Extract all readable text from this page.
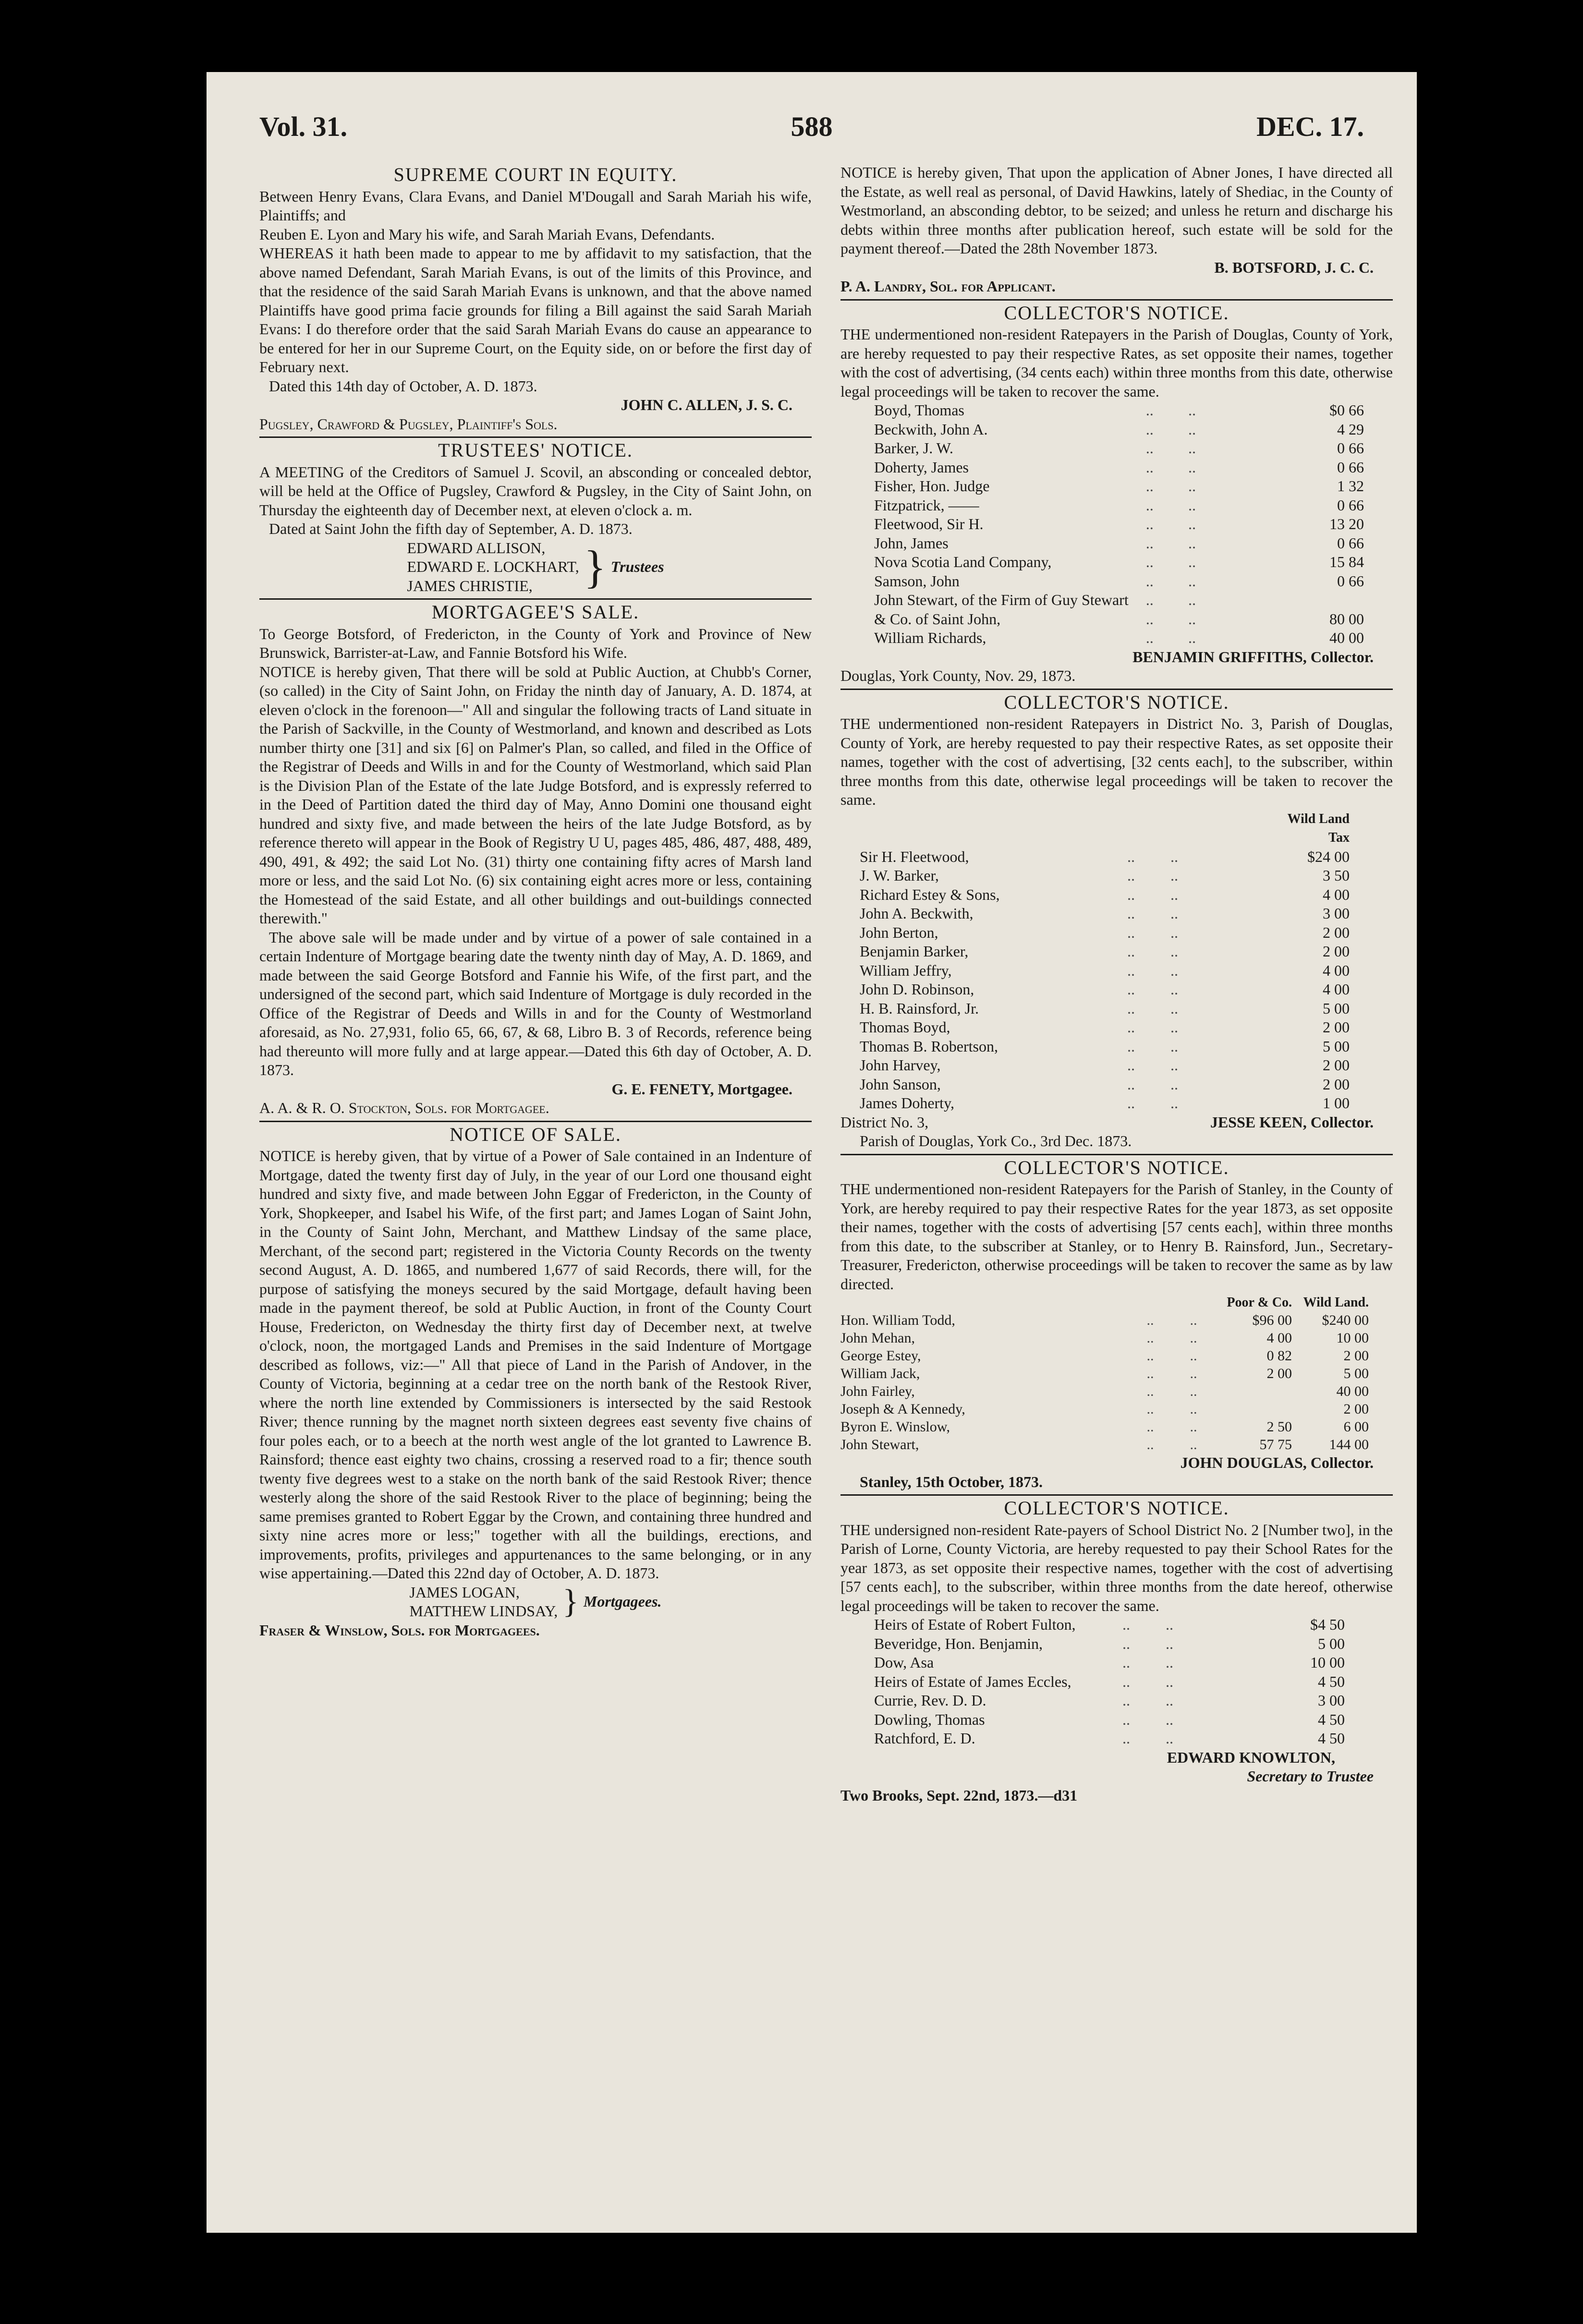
Vol. 31.	588	DEC. 17.
SUPREME COURT IN EQUITY.

Between Henry Evans, Clara Evans, and Daniel M'Dougall and Sarah Mariah his wife, Plaintiffs; and

Reuben E. Lyon and Mary his wife, and Sarah Mariah Evans, Defendants.

WHEREAS it hath been made to appear to me by affidavit to my satisfaction, that the above named Defendant, Sarah Mariah Evans, is out of the limits of this Province, and that the residence of the said Sarah Mariah Evans is unknown, and that the above named Plaintiffs have good prima facie grounds for filing a Bill against the said Sarah Mariah Evans: I do therefore order that the said Sarah Mariah Evans do cause an appearance to be entered for her in our Supreme Court, on the Equity side, on or before the first day of February next.

Dated this 14th day of October, A. D. 1873.

JOHN C. ALLEN, J. S. C.
Pugsley, Crawford & Pugsley, Plaintiff's Sols.
TRUSTEES' NOTICE.

A MEETING of the Creditors of Samuel J. Scovil, an absconding or concealed debtor, will be held at the Office of Pugsley, Crawford & Pugsley, in the City of Saint John, on Thursday the eighteenth day of December next, at eleven o'clock a. m.

Dated at Saint John the fifth day of September, A. D. 1873.

EDWARD ALLISON,
EDWARD E. LOCKHART,
JAMES CHRISTIE,	} Trustees
MORTGAGEE'S SALE.

To George Botsford, of Fredericton, in the County of York and Province of New Brunswick, Barrister-at-Law, and Fannie Botsford his Wife.

NOTICE is hereby given, That there will be sold at Public Auction, at Chubb's Corner, (so called) in the City of Saint John, on Friday the ninth day of January, A. D. 1874, at eleven o'clock in the forenoon—" All and singular the following tracts of Land situate in the Parish of Sackville, in the County of Westmorland, and known and described as Lots number thirty one [31] and six [6] on Palmer's Plan, so called, and filed in the Office of the Registrar of Deeds and Wills in and for the County of Westmorland, which said Plan is the Division Plan of the Estate of the late Judge Botsford, and is expressly referred to in the Deed of Partition dated the third day of May, Anno Domini one thousand eight hundred and sixty five, and made between the heirs of the late Judge Botsford, as by reference thereto will appear in the Book of Registry U U, pages 485, 486, 487, 488, 489, 490, 491, & 492; the said Lot No. (31) thirty one containing fifty acres of Marsh land more or less, and the said Lot No. (6) six containing eight acres more or less, containing the Homestead of the said Estate, and all other buildings and out-buildings connected therewith."

The above sale will be made under and by virtue of a power of sale contained in a certain Indenture of Mortgage bearing date the twenty ninth day of May, A. D. 1869, and made between the said George Botsford and Fannie his Wife, of the first part, and the undersigned of the second part, which said Indenture of Mortgage is duly recorded in the Office of the Registrar of Deeds and Wills in and for the County of Westmorland aforesaid, as No. 27,931, folio 65, 66, 67, & 68, Libro B. 3 of Records, reference being had thereunto will more fully and at large appear.—Dated this 6th day of October, A. D. 1873.

G. E. FENETY, Mortgagee.
A. A. & R. O. Stockton, Sols. for Mortgagee.
NOTICE OF SALE.

NOTICE is hereby given, that by virtue of a Power of Sale contained in an Indenture of Mortgage, dated the twenty first day of July, in the year of our Lord one thousand eight hundred and sixty five, and made between John Eggar of Fredericton, in the County of York, Shopkeeper, and Isabel his Wife, of the first part; and James Logan of Saint John, in the County of Saint John, Merchant, and Matthew Lindsay of the same place, Merchant, of the second part; registered in the Victoria County Records on the twenty second August, A. D. 1865, and numbered 1,677 of said Records, there will, for the purpose of satisfying the moneys secured by the said Mortgage, default having been made in the payment thereof, be sold at Public Auction, in front of the County Court House, Fredericton, on Wednesday the thirty first day of December next, at twelve o'clock, noon, the mortgaged Lands and Premises in the said Indenture of Mortgage described as follows, viz:—" All that piece of Land in the Parish of Andover, in the County of Victoria, beginning at a cedar tree on the north bank of the Restook River, where the north line extended by Commissioners is intersected by the said Restook River; thence running by the magnet north sixteen degrees east seventy five chains of four poles each, or to a beech at the north west angle of the lot granted to Lawrence B. Rainsford; thence east eighty two chains, crossing a reserved road to a fir; thence south twenty five degrees west to a stake on the north bank of the said Restook River; thence westerly along the shore of the said Restook River to the place of beginning; being the same premises granted to Robert Eggar by the Crown, and containing three hundred and sixty nine acres more or less;" together with all the buildings, erections, and improvements, profits, privileges and appurtenances to the same belonging, or in any wise appertaining.—Dated this 22nd day of October, A. D. 1873.

JAMES LOGAN,
MATTHEW LINDSAY, } Mortgagees.
Fraser & Winslow, Sols. for Mortgagees.

NOTICE is hereby given, That upon the application of Abner Jones, I have directed all the Estate, as well real as personal, of David Hawkins, lately of Shediac, in the County of Westmorland, an absconding debtor, to be seized; and unless he return and discharge his debts within three months after publication hereof, such estate will be sold for the payment thereof.—Dated the 28th November 1873.

B. BOTSFORD, J. C. C.
P. A. Landry, Sol. for Applicant.
COLLECTOR'S NOTICE.

THE undermentioned non-resident Ratepayers in the Parish of Douglas, County of York, are hereby requested to pay their respective Rates, as set opposite their names, together with the cost of advertising, (34 cents each) within three months from this date, otherwise legal proceedings will be taken to recover the same.

Boyd, Thomas	..	..		$0 66
Beckwith, John A.	..	..		4 29
Barker, J. W.	..	..		0 66
Doherty, James	..	..		0 66
Fisher, Hon. Judge	..	..		1 32
Fitzpatrick, ——	..	..		0 66
Fleetwood, Sir H.	..	..		13 20
John, James	..	..		0 66
Nova Scotia Land Company,	..	..		15 84
Samson, John	..	..		0 66
John Stewart, of the Firm of Guy Stewart	..	..		
& Co. of Saint John,	..	..		80 00
William Richards,	..	..		40 00
BENJAMIN GRIFFITHS, Collector.
Douglas, York County, Nov. 29, 1873.
COLLECTOR'S NOTICE.

THE undermentioned non-resident Ratepayers in District No. 3, Parish of Douglas, County of York, are hereby requested to pay their respective Rates, as set opposite their names, together with the cost of advertising, [32 cents each], to the subscriber, within three months from this date, otherwise legal proceedings will be taken to recover the same.

				Wild Land Tax
Sir H. Fleetwood,	..	..		$24 00
J. W. Barker,	..	..		3 50
Richard Estey & Sons,	..	..		4 00
John A. Beckwith,	..	..		3 00
John Berton,	..	..		2 00
Benjamin Barker,	..	..		2 00
William Jeffry,	..	..		4 00
John D. Robinson,	..	..		4 00
H. B. Rainsford, Jr.	..	..		5 00
Thomas Boyd,	..	..		2 00
Thomas B. Robertson,	..	..		5 00
John Harvey,	..	..		2 00
John Sanson,	..	..		2 00
James Doherty,	..	..		1 00
District No. 3,	JESSE KEEN, Collector.
Parish of Douglas, York Co., 3rd Dec. 1873.
COLLECTOR'S NOTICE.

THE undermentioned non-resident Ratepayers for the Parish of Stanley, in the County of York, are hereby required to pay their respective Rates for the year 1873, as set opposite their names, together with the costs of advertising [57 cents each], within three months from this date, to the subscriber at Stanley, or to Henry B. Rainsford, Jun., Secretary-Treasurer, Fredericton, otherwise proceedings will be taken to recover the same as by law directed.

			Poor & Co.	Wild Land.
Hon. William Todd,	..	..	$96 00	$240 00
John Mehan,	..	..	4 00	10 00
George Estey,	..	..	0 82	2 00
William Jack,	..	..	2 00	5 00
John Fairley,	..	..		40 00
Joseph & A Kennedy,	..	..		2 00
Byron E. Winslow,	..	..	2 50	6 00
John Stewart,	..	..	57 75	144 00
JOHN DOUGLAS, Collector.
Stanley, 15th October, 1873.
COLLECTOR'S NOTICE.

THE undersigned non-resident Rate-payers of School District No. 2 [Number two], in the Parish of Lorne, County Victoria, are hereby requested to pay their School Rates for the year 1873, as set opposite their respective names, together with the cost of advertising [57 cents each], to the subscriber, within three months from the date hereof, otherwise legal proceedings will be taken to recover the same.

Heirs of Estate of Robert Fulton,	..	..		$4 50
Beveridge, Hon. Benjamin,	..	..		5 00
Dow, Asa	..	..		10 00
Heirs of Estate of James Eccles,	..	..		4 50
Currie, Rev. D. D.	..	..		3 00
Dowling, Thomas	..	..		4 50
Ratchford, E. D.	..	..		4 50
EDWARD KNOWLTON,
Secretary to Trustee
Two Brooks, Sept. 22nd, 1873.—d31
